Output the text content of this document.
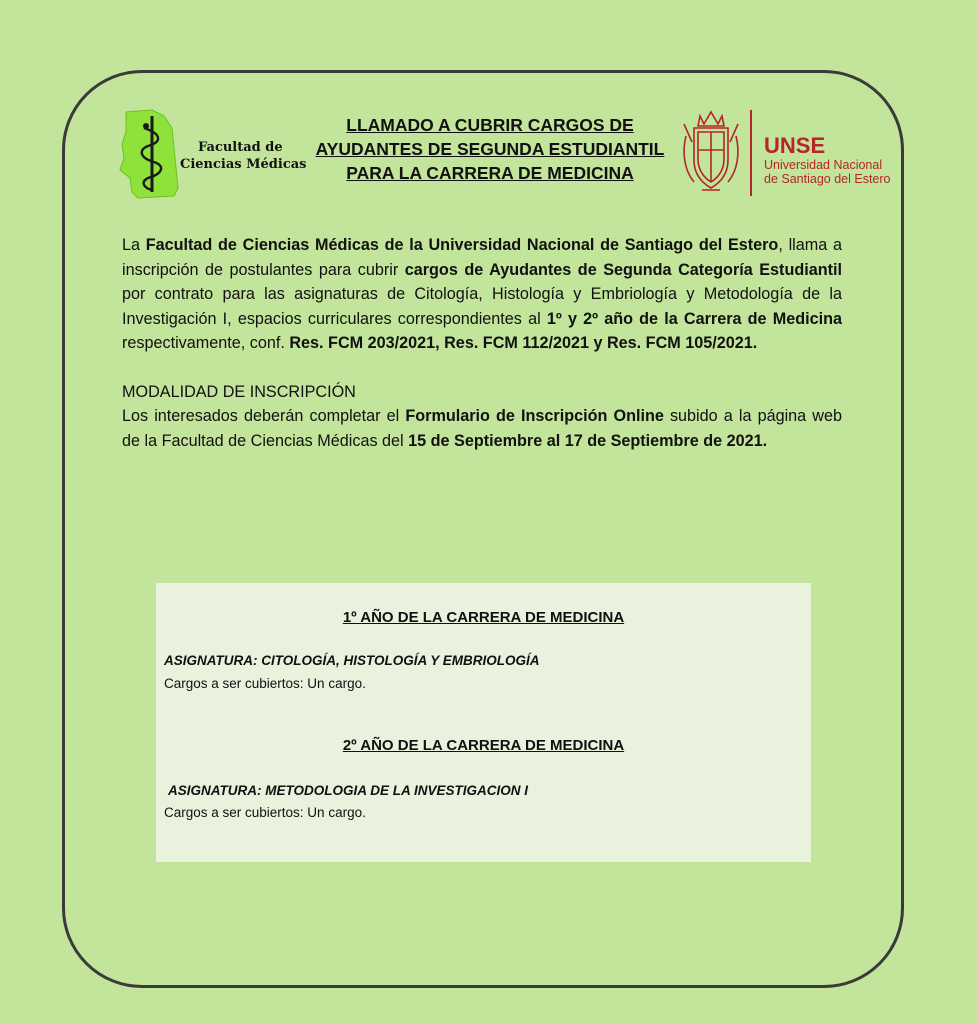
Facultad de
Ciencias Médicas
LLAMADO A CUBRIR CARGOS DE
AYUDANTES DE SEGUNDA ESTUDIANTIL
PARA LA CARRERA DE MEDICINA
UNSE
Universidad Nacional
de Santiago del Estero

La Facultad de Ciencias Médicas de la Universidad Nacional de Santiago del Estero, llama a inscripción de postulantes para cubrir cargos de Ayudantes de Segunda Categoría Estudiantil por contrato para las asignaturas de Citología, Histología y Embriología y Metodología de la Investigación I, espacios curriculares correspondientes al 1º y 2º año de la Carrera de Medicina respectivamente, conf. Res. FCM 203/2021, Res. FCM 112/2021 y Res. FCM 105/2021.

MODALIDAD DE INSCRIPCIÓN

Los interesados deberán completar el Formulario de Inscripción Online subido a la página web de la Facultad de Ciencias Médicas del 15 de Septiembre al 17 de Septiembre de 2021.

1º AÑO DE LA CARRERA DE MEDICINA
ASIGNATURA: CITOLOGÍA, HISTOLOGÍA Y EMBRIOLOGÍA
Cargos a ser cubiertos: Un cargo.
2º AÑO DE LA CARRERA DE MEDICINA
ASIGNATURA: METODOLOGIA DE LA INVESTIGACION I
Cargos a ser cubiertos: Un cargo.
